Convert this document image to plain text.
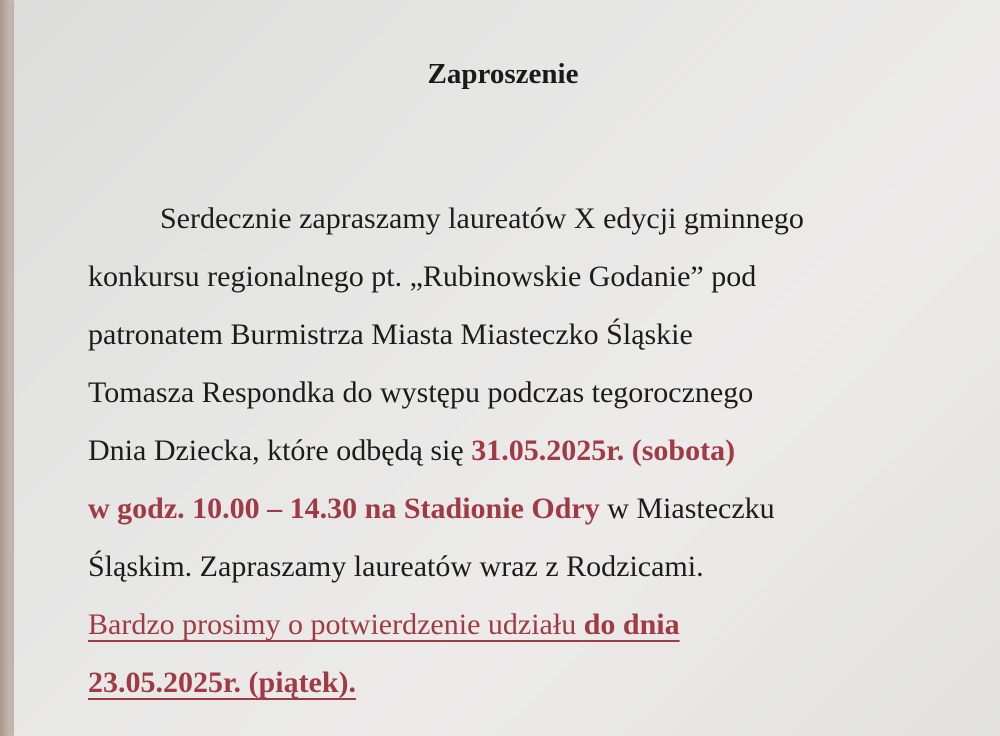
Zaproszenie
Serdecznie zapraszamy laureatów X edycji gminnego
konkursu regionalnego pt. „Rubinowskie Godanie” pod
patronatem Burmistrza Miasta Miasteczko Śląskie
Tomasza Respondka do występu podczas tegorocznego
Dnia Dziecka, które odbędą się 31.05.2025r. (sobota)
w godz. 10.00 – 14.30 na Stadionie Odry w Miasteczku
Śląskim. Zapraszamy laureatów wraz z Rodzicami.
Bardzo prosimy o potwierdzenie udziału do dnia
23.05.2025r. (piątek).
